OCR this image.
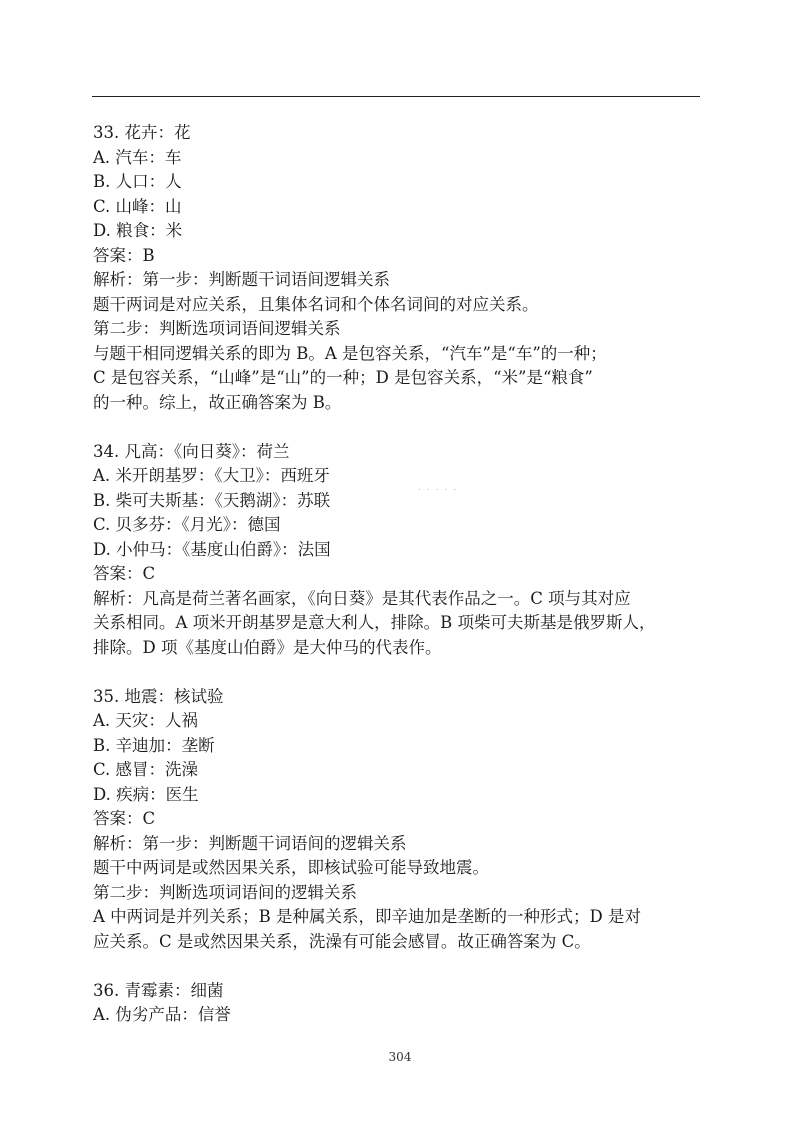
33. 花卉：花
A. 汽车：车
B. 人口：人
C. 山峰：山
D. 粮食：米
答案：B
解析：第一步：判断题干词语间逻辑关系
题干两词是对应关系，且集体名词和个体名词间的对应关系。
第二步：判断选项词语间逻辑关系
与题干相同逻辑关系的即为 B。A 是包容关系，“汽车”是“车”的一种；
C 是包容关系，“山峰”是“山”的一种；D 是包容关系，“米”是“粮食”
的一种。综上，故正确答案为 B。
34. 凡高：《向日葵》：荷兰
A. 米开朗基罗：《大卫》：西班牙
B. 柴可夫斯基：《天鹅湖》：苏联
C. 贝多芬：《月光》：德国
D. 小仲马：《基度山伯爵》：法国
答案：C
解析：凡高是荷兰著名画家，《向日葵》是其代表作品之一。C 项与其对应
关系相同。A 项米开朗基罗是意大利人，排除。B 项柴可夫斯基是俄罗斯人，
排除。D 项《基度山伯爵》是大仲马的代表作。
35. 地震：核试验
A. 天灾：人祸
B. 辛迪加：垄断
C. 感冒：洗澡
D. 疾病：医生
答案：C
解析：第一步：判断题干词语间的逻辑关系
题干中两词是或然因果关系，即核试验可能导致地震。
第二步：判断选项词语间的逻辑关系
A 中两词是并列关系；B 是种属关系，即辛迪加是垄断的一种形式；D 是对
应关系。C 是或然因果关系，洗澡有可能会感冒。故正确答案为 C。
36. 青霉素：细菌
A. 伪劣产品：信誉
.....
304
